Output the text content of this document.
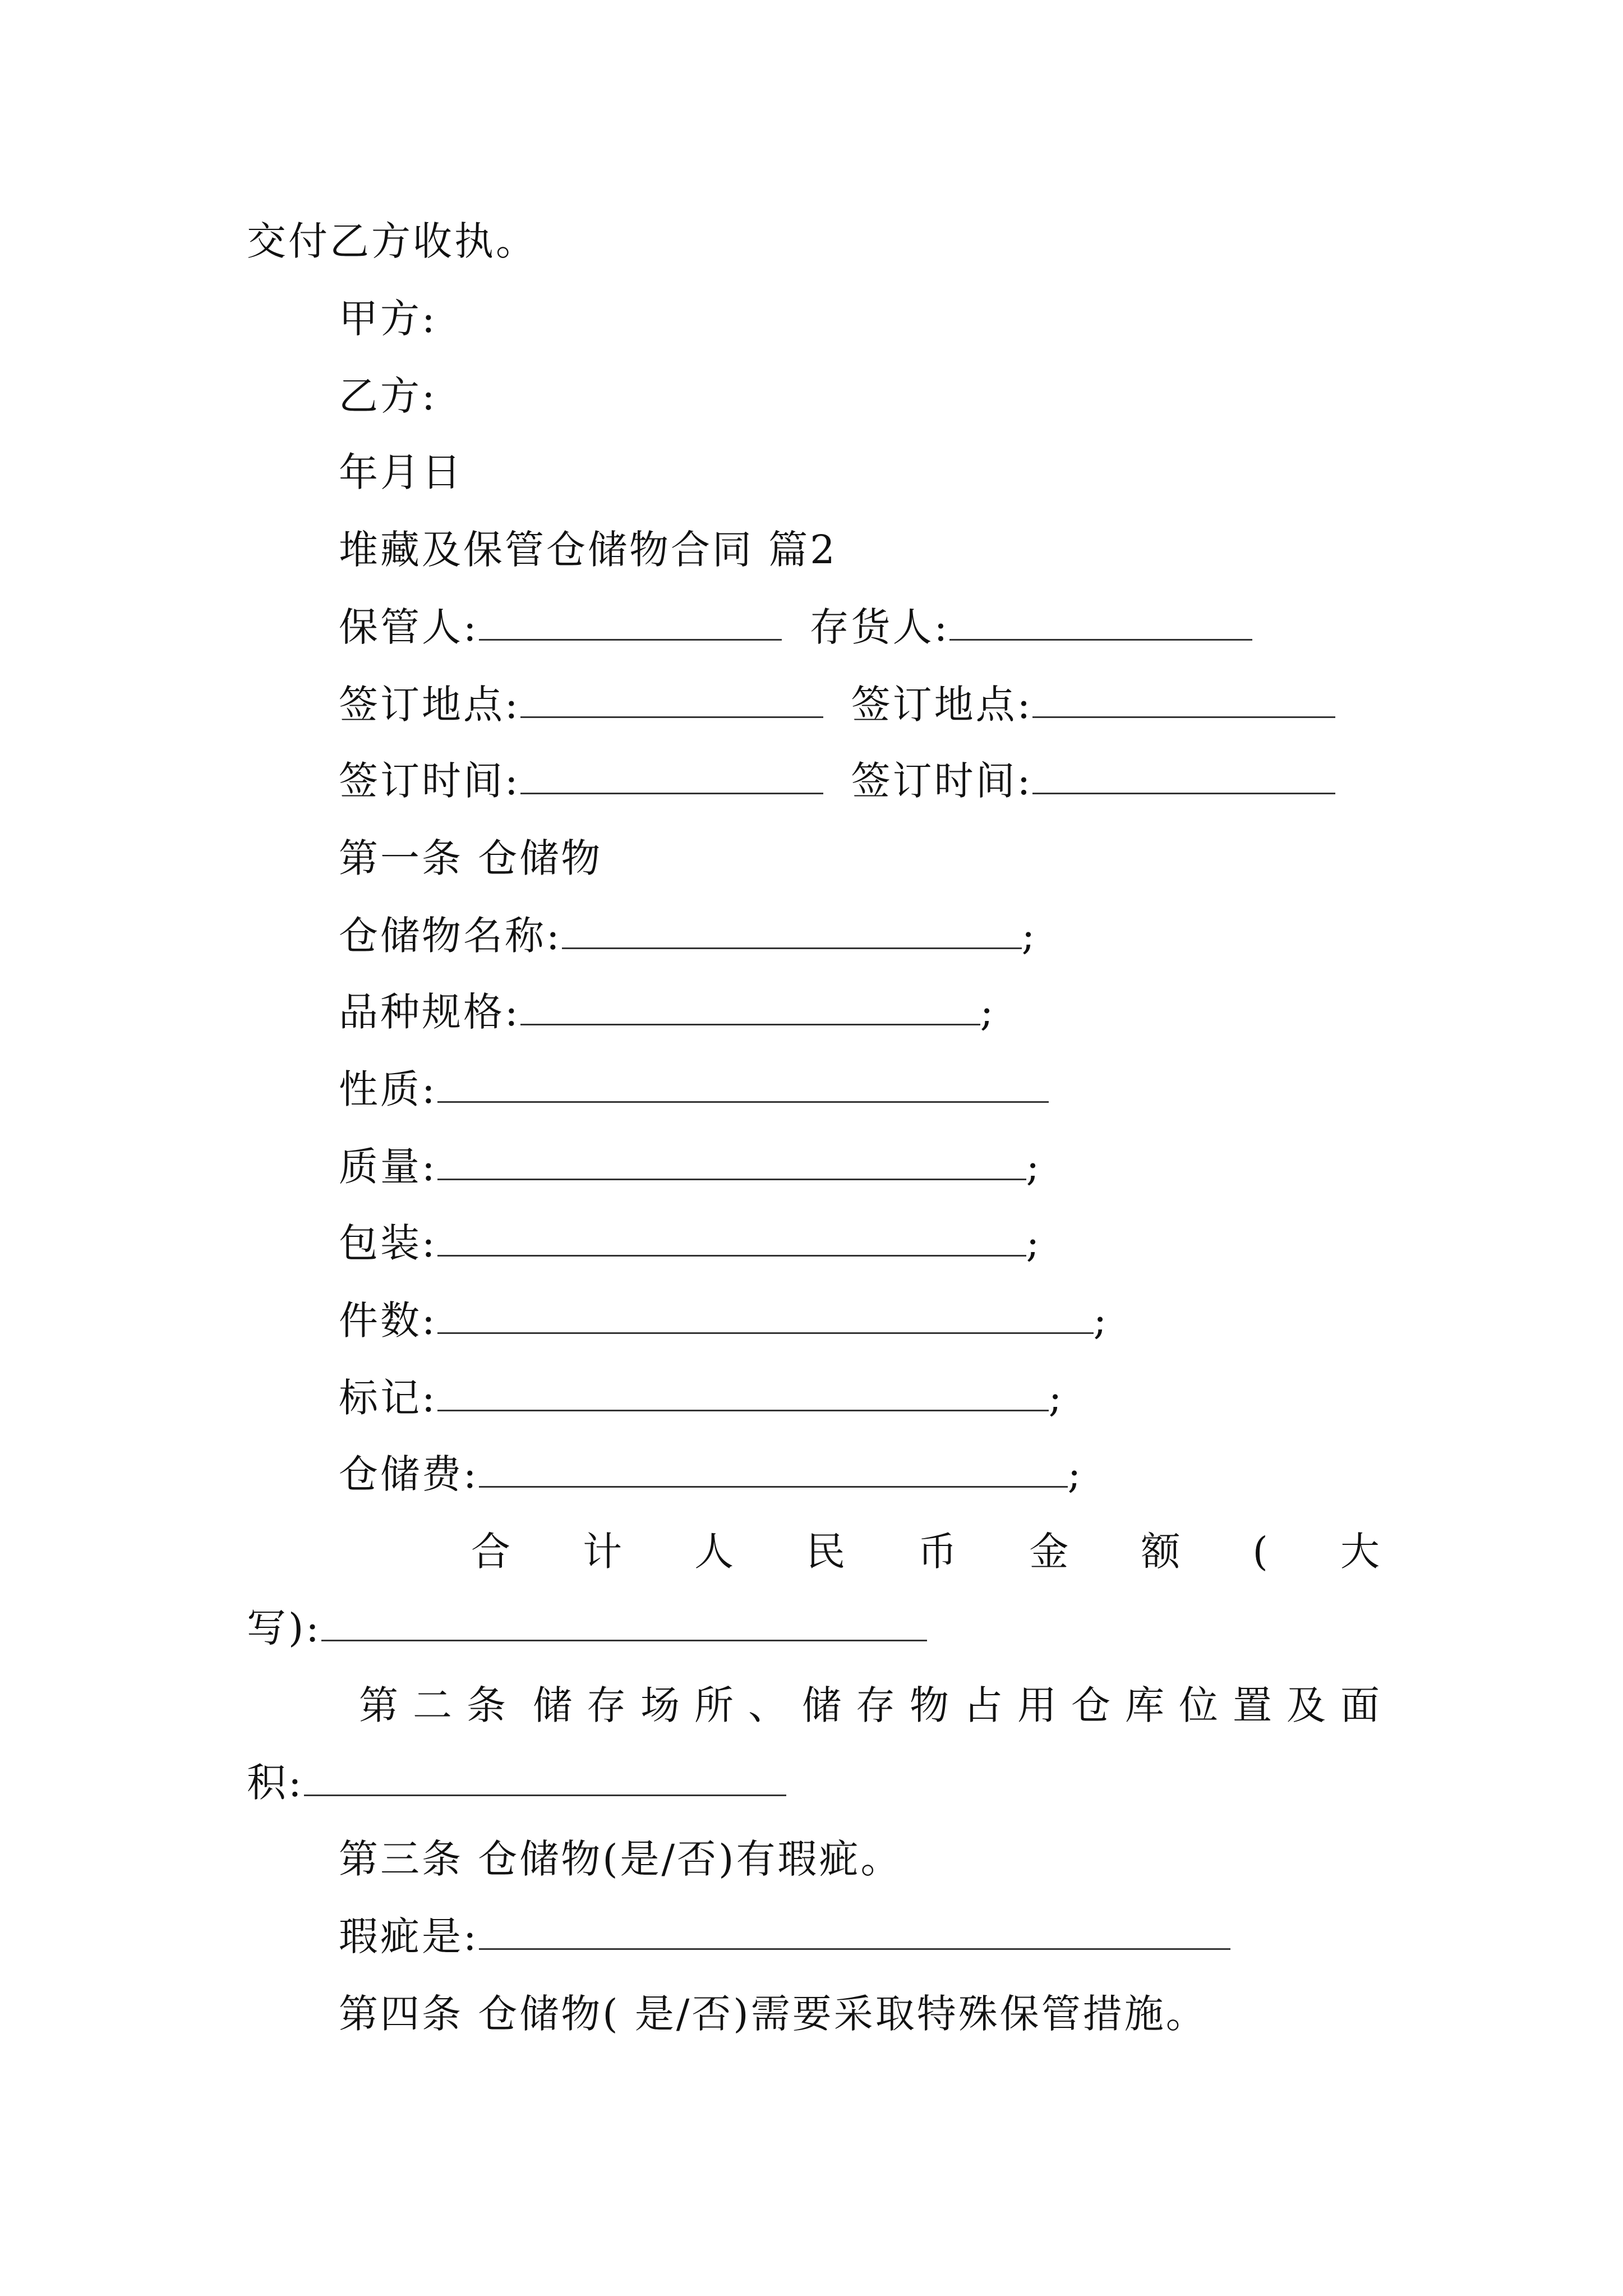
交付乙方收执。
甲方:
乙方:
年月日
堆藏及保管仓储物合同 篇2
保管人:	存货人:
签订地点:	签订地点:
签订时间:	签订时间:
第一条 仓储物
仓储物名称:	;
品种规格:	;
性质:
质量:	;
包装:	;
件数:	;
标记:	;
仓储费:	;
合 计 人 民 币 金 额 ( 大
写):
第 二 条 储 存 场 所 、 储 存 物 占 用 仓 库 位 置 及 面
积:
第三条 仓储物(是/否)有瑕疵。
瑕疵是:
第四条 仓储物( 是/否)需要采取特殊保管措施。
